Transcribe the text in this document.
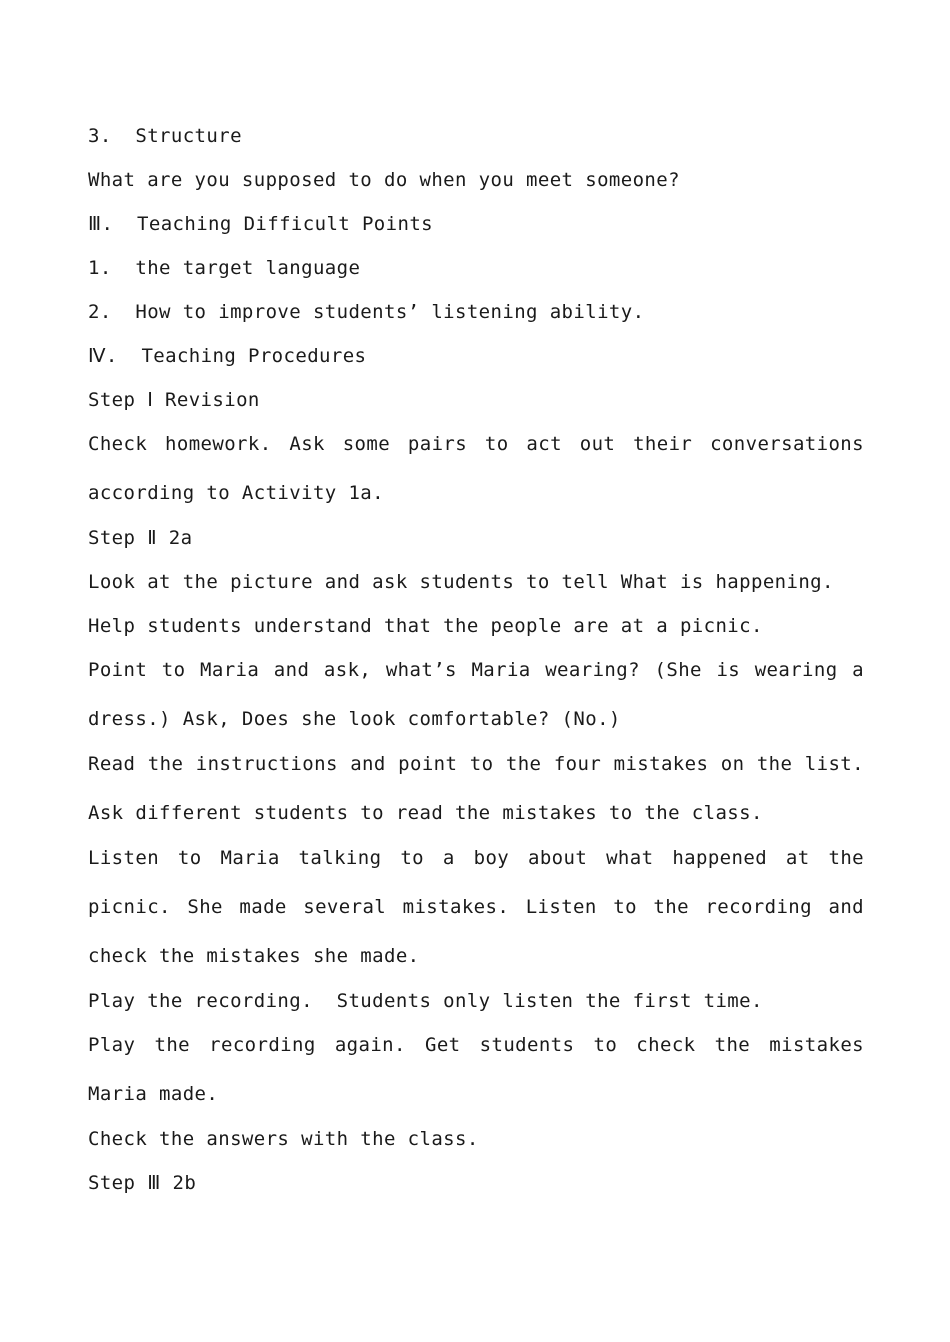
3.  Structure
What are you supposed to do when you meet someone?
Ⅲ.  Teaching Difficult Points
1.  the target language
2.  How to improve students’ listening ability.
Ⅳ.  Teaching Procedures
Step Ⅰ Revision
Check homework. Ask some pairs to act out their conversations according to Activity 1a.
Step Ⅱ 2a
Look at the picture and ask students to tell What is happening.
Help students understand that the people are at a picnic.
Point to Maria and ask, what’s Maria wearing? (She is wearing a dress.) Ask, Does she look comfortable? (No.)
Read the instructions and point to the four mistakes on the list. Ask different students to read the mistakes to the class.
Listen to Maria talking to a boy about what happened at the picnic. She made several mistakes. Listen to the recording and check the mistakes she made.
Play the recording.  Students only listen the first time.
Play the recording again. Get students to check the mistakes Maria made.
Check the answers with the class.
Step Ⅲ 2b
